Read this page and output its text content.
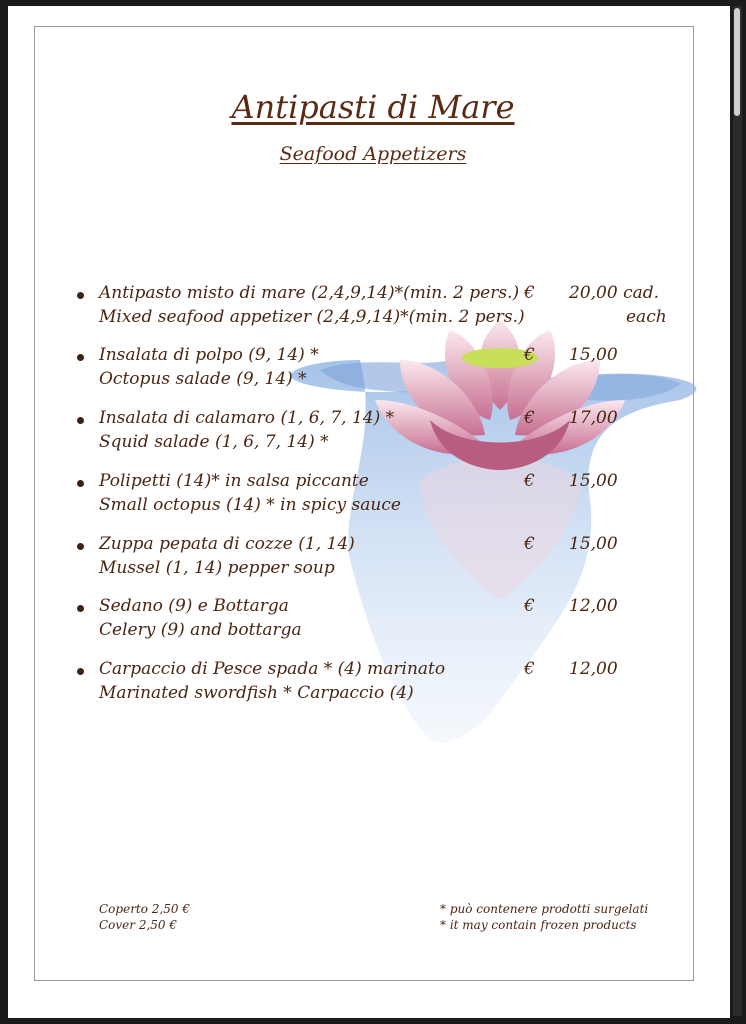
Antipasti di Mare
Seafood Appetizers
Antipasto misto di mare (2,4,9,14)*(min. 2 pers.)
Mixed seafood appetizer (2,4,9,14)*(min. 2 pers.)
€ 20,00 cad.
each
Insalata di polpo (9, 14) *
Octopus salade (9, 14) *
€ 15,00
Insalata di calamaro (1, 6, 7, 14) *
Squid salade (1, 6, 7, 14) *
€ 17,00
Polipetti (14)* in salsa piccante
Small octopus (14) * in spicy sauce
€ 15,00
Zuppa pepata di cozze (1, 14)
Mussel (1, 14) pepper soup
€ 15,00
Sedano (9) e Bottarga
Celery (9) and bottarga
€ 12,00
Carpaccio di Pesce spada * (4) marinato
Marinated swordfish * Carpaccio (4)
€ 12,00
Coperto 2,50 €
Cover 2,50 €
* può contenere prodotti surgelati
* it may contain frozen products
